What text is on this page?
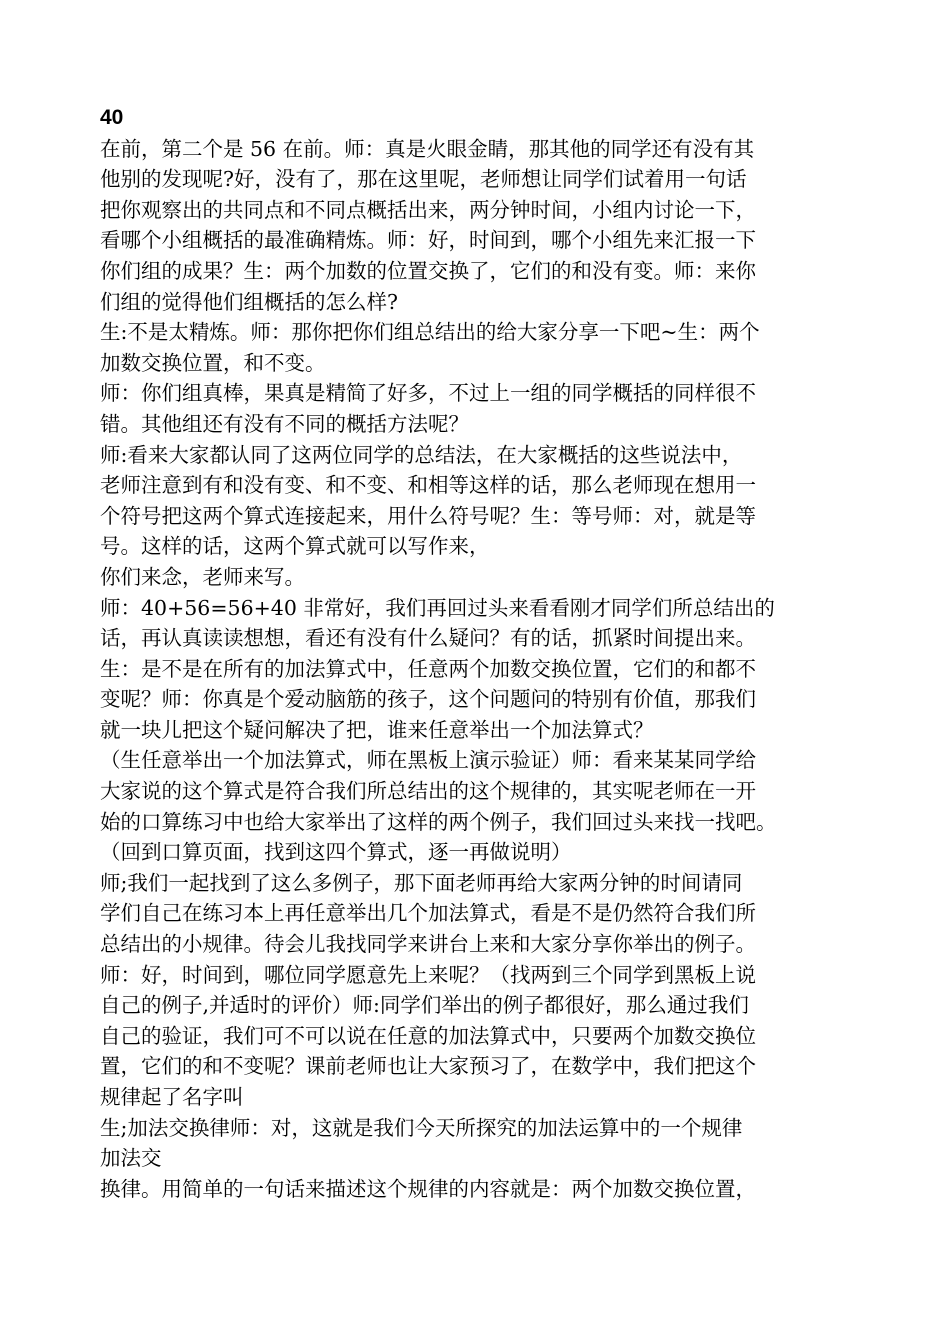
40
在前，第二个是 56 在前。师：真是火眼金睛，那其他的同学还有没有其
他别的发现呢?好，没有了，那在这里呢，老师想让同学们试着用一句话
把你观察出的共同点和不同点概括出来，两分钟时间，小组内讨论一下，
看哪个小组概括的最准确精炼。师：好，时间到，哪个小组先来汇报一下
你们组的成果？生：两个加数的位置交换了，它们的和没有变。师：来你
们组的觉得他们组概括的怎么样?
生:不是太精炼。师：那你把你们组总结出的给大家分享一下吧~生：两个
加数交换位置，和不变。
师：你们组真棒，果真是精简了好多，不过上一组的同学概括的同样很不
错。其他组还有没有不同的概括方法呢？
师:看来大家都认同了这两位同学的总结法，在大家概括的这些说法中，
老师注意到有和没有变、和不变、和相等这样的话，那么老师现在想用一
个符号把这两个算式连接起来，用什么符号呢？生：等号师：对，就是等
号。这样的话，这两个算式就可以写作来，
你们来念，老师来写。
师：40+56=56+40 非常好，我们再回过头来看看刚才同学们所总结出的
话，再认真读读想想，看还有没有什么疑问？有的话，抓紧时间提出来。
生：是不是在所有的加法算式中，任意两个加数交换位置，它们的和都不
变呢？师：你真是个爱动脑筋的孩子，这个问题问的特别有价值，那我们
就一块儿把这个疑问解决了把，谁来任意举出一个加法算式？
（生任意举出一个加法算式，师在黑板上演示验证）师：看来某某同学给
大家说的这个算式是符合我们所总结出的这个规律的，其实呢老师在一开
始的口算练习中也给大家举出了这样的两个例子，我们回过头来找一找吧。
（回到口算页面，找到这四个算式，逐一再做说明）
师;我们一起找到了这么多例子，那下面老师再给大家两分钟的时间请同
学们自己在练习本上再任意举出几个加法算式，看是不是仍然符合我们所
总结出的小规律。待会儿我找同学来讲台上来和大家分享你举出的例子。
师：好，时间到，哪位同学愿意先上来呢？（找两到三个同学到黑板上说
自己的例子,并适时的评价）师:同学们举出的例子都很好，那么通过我们
自己的验证，我们可不可以说在任意的加法算式中，只要两个加数交换位
置，它们的和不变呢？课前老师也让大家预习了，在数学中，我们把这个
规律起了名字叫
生;加法交换律师：对，这就是我们今天所探究的加法运算中的一个规律
加法交
换律。用简单的一句话来描述这个规律的内容就是：两个加数交换位置，
